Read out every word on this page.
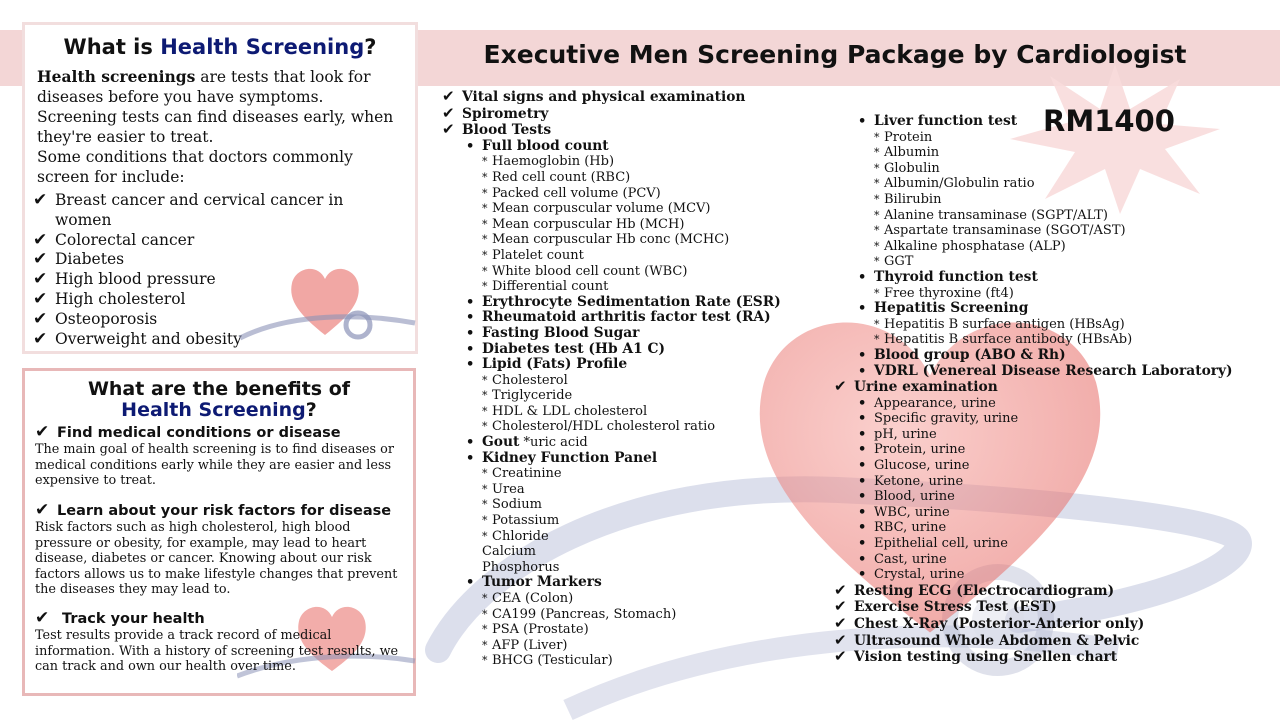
What is Health Screening?
Health screenings are tests that look for diseases before you have symptoms. Screening tests can find diseases early, when they're easier to treat.
Some conditions that doctors commonly screen for include:
✔ Breast cancer and cervical cancer in women
✔ Colorectal cancer
✔ Diabetes
✔ High blood pressure
✔ High cholesterol
✔ Osteoporosis
✔ Overweight and obesity
What are the benefits of
Health Screening?
✔ Find medical conditions or disease
The main goal of health screening is to find diseases or medical conditions early while they are easier and less expensive to treat.
✔ Learn about your risk factors for disease
Risk factors such as high cholesterol, high blood pressure or obesity, for example, may lead to heart disease, diabetes or cancer. Knowing about our risk factors allows us to make lifestyle changes that prevent the diseases they may lead to.
✔ Track your health
Test results provide a track record of medical information. With a history of screening test results, we can track and own our health over time.
Executive Men Screening Package by Cardiologist
RM1400
✔ Vital signs and physical examination
✔ Spirometry
✔ Blood Tests
• Full blood count
* Haemoglobin (Hb)
* Red cell count (RBC)
* Packed cell volume (PCV)
* Mean corpuscular volume (MCV)
* Mean corpuscular Hb (MCH)
* Mean corpuscular Hb conc (MCHC)
* Platelet count
* White blood cell count (WBC)
* Differential count
• Erythrocyte Sedimentation Rate (ESR)
• Rheumatoid arthritis factor test (RA)
• Fasting Blood Sugar
• Diabetes test (Hb A1 C)
• Lipid (Fats) Profile
* Cholesterol
* Triglyceride
* HDL & LDL cholesterol
* Cholesterol/HDL cholesterol ratio
• Gout *uric acid
• Kidney Function Panel
* Creatinine
* Urea
* Sodium
* Potassium
* Chloride
Calcium
Phosphorus
• Tumor Markers
* CEA (Colon)
* CA199 (Pancreas, Stomach)
* PSA (Prostate)
* AFP (Liver)
* BHCG (Testicular)
• Liver function test
* Protein
* Albumin
* Globulin
* Albumin/Globulin ratio
* Bilirubin
* Alanine transaminase (SGPT/ALT)
* Aspartate transaminase (SGOT/AST)
* Alkaline phosphatase (ALP)
* GGT
• Thyroid function test
* Free thyroxine (ft4)
• Hepatitis Screening
* Hepatitis B surface antigen (HBsAg)
* Hepatitis B surface antibody (HBsAb)
• Blood group (ABO & Rh)
• VDRL (Venereal Disease Research Laboratory)
✔ Urine examination
• Appearance, urine
• Specific gravity, urine
• pH, urine
• Protein, urine
• Glucose, urine
• Ketone, urine
• Blood, urine
• WBC, urine
• RBC, urine
• Epithelial cell, urine
• Cast, urine
• Crystal, urine
✔ Resting ECG (Electrocardiogram)
✔ Exercise Stress Test (EST)
✔ Chest X-Ray (Posterior-Anterior only)
✔ Ultrasound Whole Abdomen & Pelvic
✔ Vision testing using Snellen chart
